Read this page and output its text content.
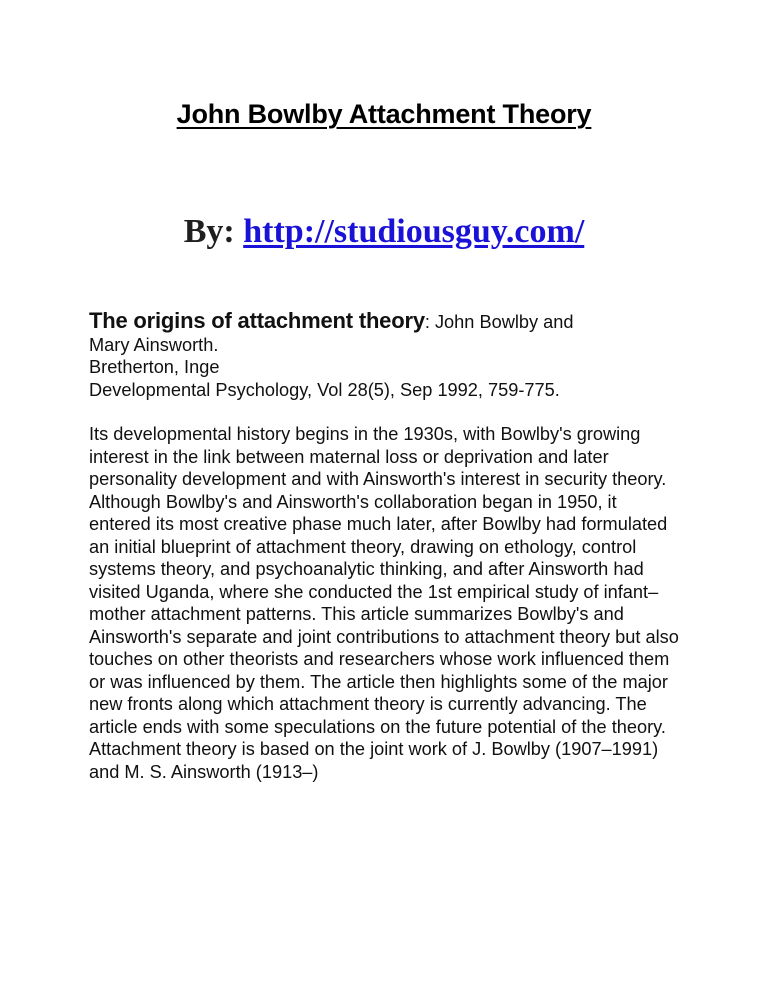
John Bowlby Attachment Theory
By: http://studiousguy.com/
The origins of attachment theory: John Bowlby and
Mary Ainsworth.
Bretherton, Inge
Developmental Psychology, Vol 28(5), Sep 1992, 759-775.
Its developmental history begins in the 1930s, with Bowlby's growing interest in the link between maternal loss or deprivation and later personality development and with Ainsworth's interest in security theory. Although Bowlby's and Ainsworth's collaboration began in 1950, it entered its most creative phase much later, after Bowlby had formulated an initial blueprint of attachment theory, drawing on ethology, control systems theory, and psychoanalytic thinking, and after Ainsworth had visited Uganda, where she conducted the 1st empirical study of infant–mother attachment patterns. This article summarizes Bowlby's and Ainsworth's separate and joint contributions to attachment theory but also touches on other theorists and researchers whose work influenced them or was influenced by them. The article then highlights some of the major new fronts along which attachment theory is currently advancing. The article ends with some speculations on the future potential of the theory.
Attachment theory is based on the joint work of J. Bowlby (1907–1991) and M. S. Ainsworth (1913–)
